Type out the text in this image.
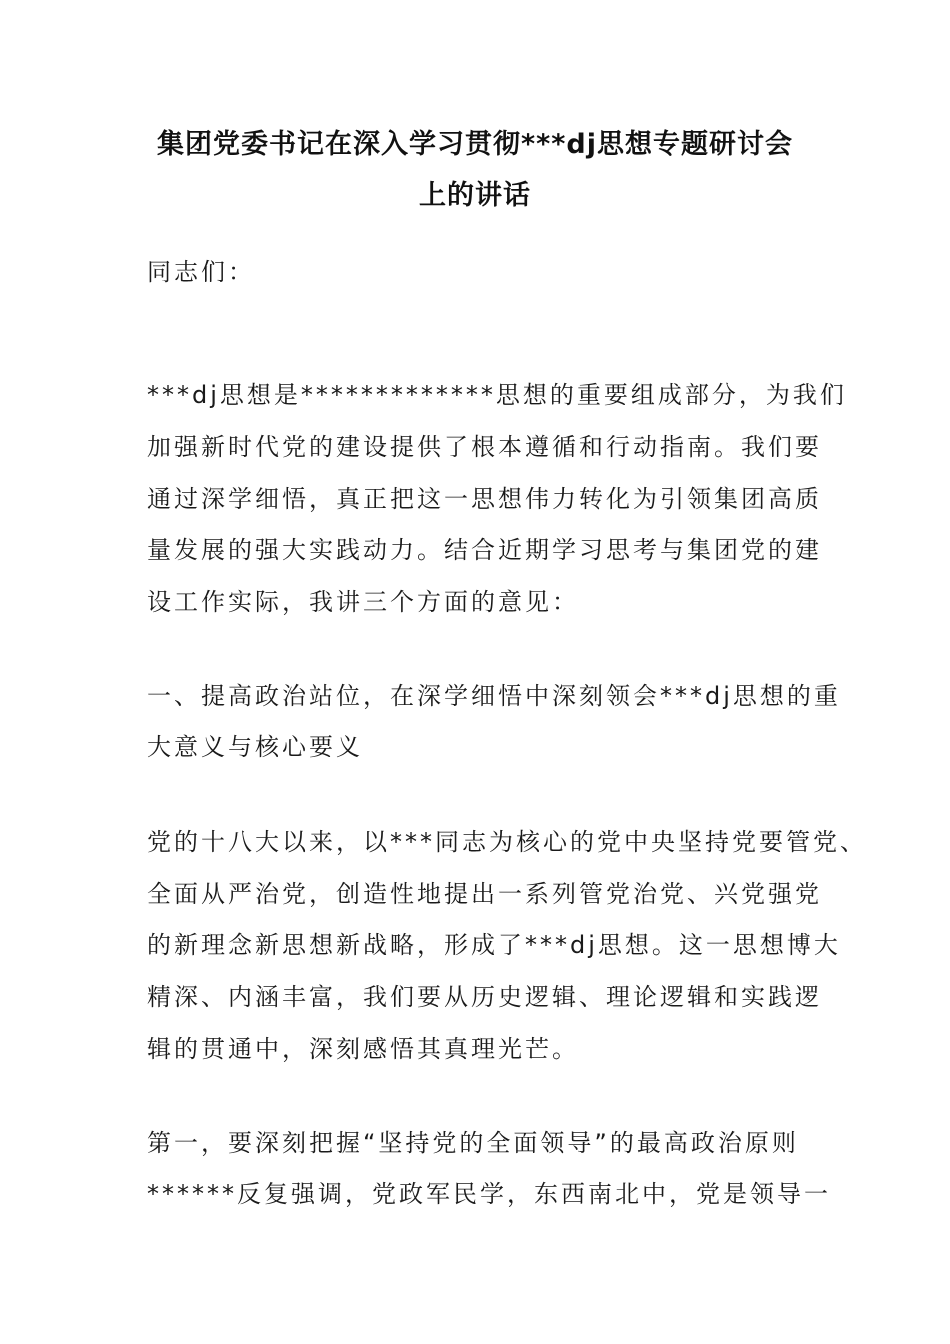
集团党委书记在深入学习贯彻***dj思想专题研讨会
上的讲话
同志们：
***dj思想是*************思想的重要组成部分，为我们
加强新时代党的建设提供了根本遵循和行动指南。我们要
通过深学细悟，真正把这一思想伟力转化为引领集团高质
量发展的强大实践动力。结合近期学习思考与集团党的建
设工作实际，我讲三个方面的意见：
一、提高政治站位，在深学细悟中深刻领会***dj思想的重
大意义与核心要义
党的十八大以来，以***同志为核心的党中央坚持党要管党、
全面从严治党，创造性地提出一系列管党治党、兴党强党
的新理念新思想新战略，形成了***dj思想。这一思想博大
精深、内涵丰富，我们要从历史逻辑、理论逻辑和实践逻
辑的贯通中，深刻感悟其真理光芒。
第一，要深刻把握“坚持党的全面领导”的最高政治原则
******反复强调，党政军民学，东西南北中，党是领导一
